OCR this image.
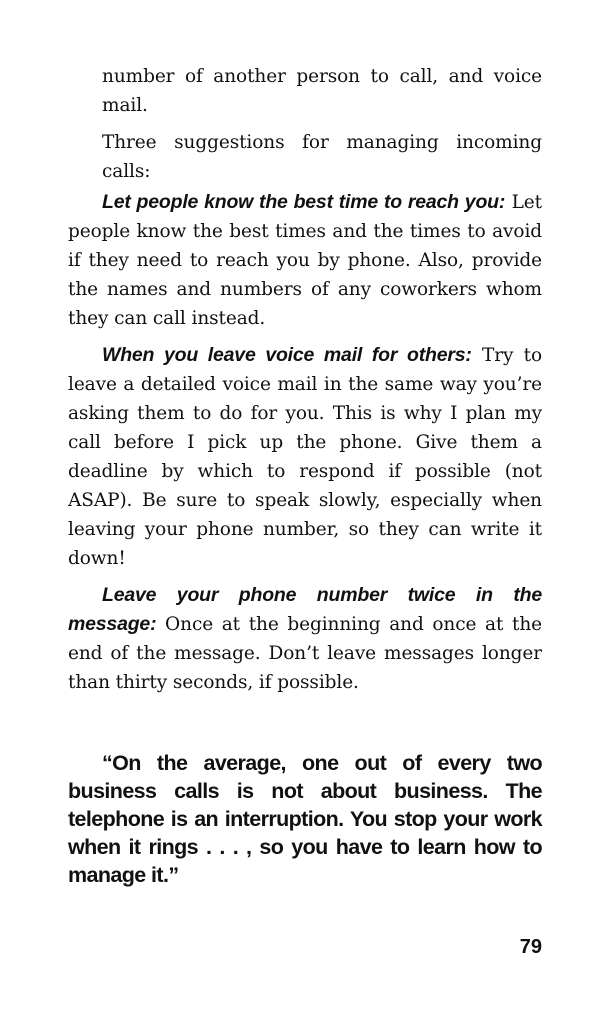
number of another person to call, and voice mail.

Three suggestions for managing incoming calls:

Let people know the best time to reach you: Let people know the best times and the times to avoid if they need to reach you by phone. Also, provide the names and numbers of any coworkers whom they can call instead.

When you leave voice mail for others: Try to leave a detailed voice mail in the same way you’re asking them to do for you. This is why I plan my call before I pick up the phone. Give them a deadline by which to respond if possible (not ASAP). Be sure to speak slowly, especially when leaving your phone number, so they can write it down!

Leave your phone number twice in the message: Once at the beginning and once at the end of the message. Don’t leave messages longer than thirty seconds, if possible.

“On the average, one out of every two business calls is not about business. The telephone is an interruption. You stop your work when it rings . . . , so you have to learn how to manage it.”

79
